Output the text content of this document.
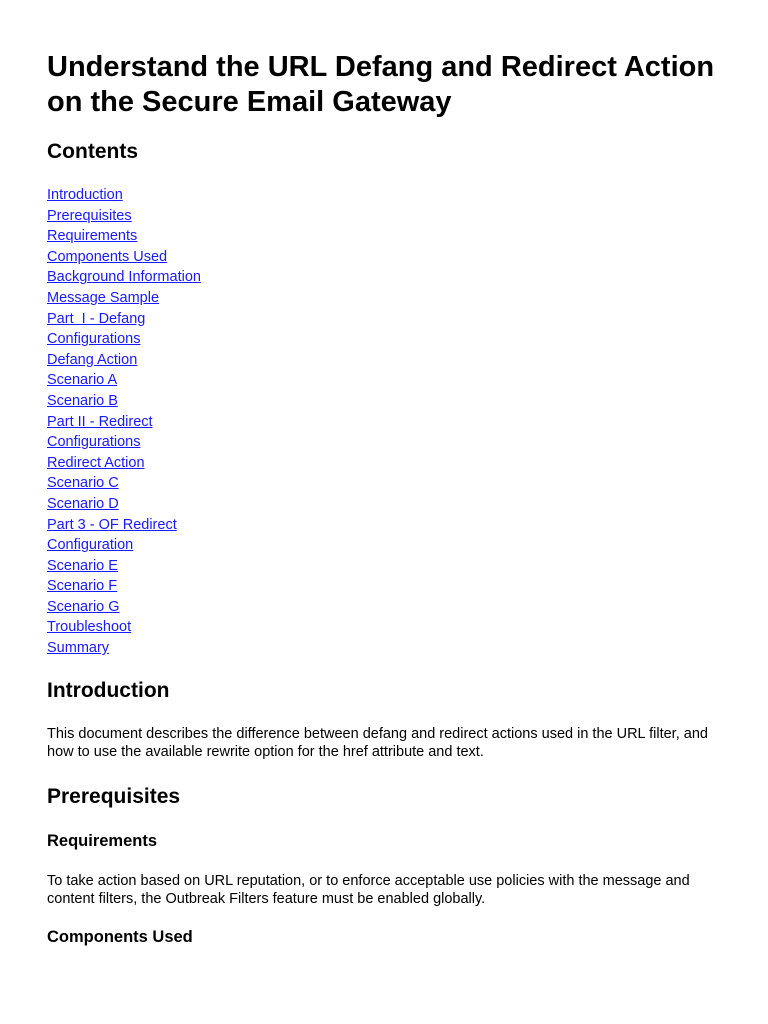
Understand the URL Defang and Redirect Action on the Secure Email Gateway
Contents
Introduction
Prerequisites
Requirements
Components Used
Background Information
Message Sample
Part  I - Defang
Configurations
Defang Action
Scenario A
Scenario B
Part II - Redirect
Configurations
Redirect Action
Scenario C
Scenario D
Part 3 - OF Redirect
Configuration
Scenario E
Scenario F
Scenario G
Troubleshoot
Summary
Introduction

This document describes the difference between defang and redirect actions used in the URL filter, and how to use the available rewrite option for the href attribute and text.

Prerequisites
Requirements

To take action based on URL reputation, or to enforce acceptable use policies with the message and content filters, the Outbreak Filters feature must be enabled globally.

Components Used
